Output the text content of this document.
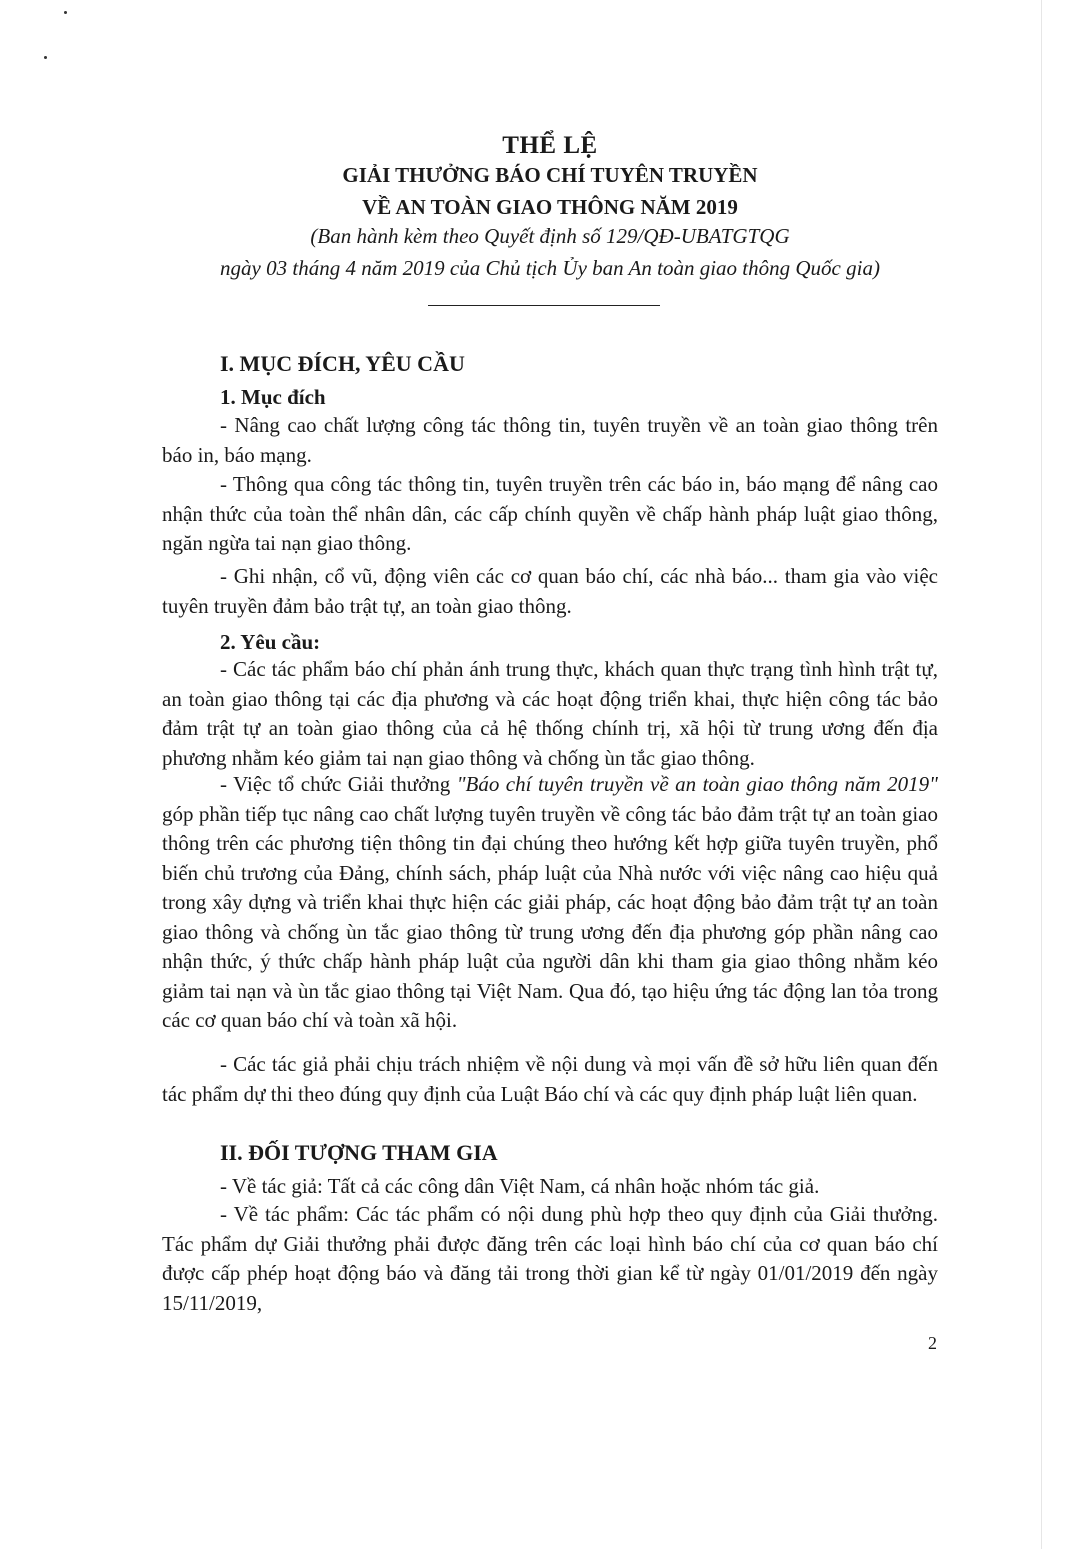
THỂ LỆ
GIẢI THƯỞNG BÁO CHÍ TUYÊN TRUYỀN
VỀ AN TOÀN GIAO THÔNG NĂM 2019
(Ban hành kèm theo Quyết định số 129/QĐ-UBATGTQG
ngày 03 tháng 4 năm 2019 của Chủ tịch Ủy ban An toàn giao thông Quốc gia)
I. MỤC ĐÍCH, YÊU CẦU
1. Mục đích

- Nâng cao chất lượng công tác thông tin, tuyên truyền về an toàn giao thông trên báo in, báo mạng.

- Thông qua công tác thông tin, tuyên truyền trên các báo in, báo mạng để nâng cao nhận thức của toàn thể nhân dân, các cấp chính quyền về chấp hành pháp luật giao thông, ngăn ngừa tai nạn giao thông.

- Ghi nhận, cổ vũ, động viên các cơ quan báo chí, các nhà báo... tham gia vào việc tuyên truyền đảm bảo trật tự, an toàn giao thông.

2. Yêu cầu:

- Các tác phẩm báo chí phản ánh trung thực, khách quan thực trạng tình hình trật tự, an toàn giao thông tại các địa phương và các hoạt động triển khai, thực hiện công tác bảo đảm trật tự an toàn giao thông của cả hệ thống chính trị, xã hội từ trung ương đến địa phương nhằm kéo giảm tai nạn giao thông và chống ùn tắc giao thông.

- Việc tổ chức Giải thưởng "Báo chí tuyên truyền về an toàn giao thông năm 2019" góp phần tiếp tục nâng cao chất lượng tuyên truyền về công tác bảo đảm trật tự an toàn giao thông trên các phương tiện thông tin đại chúng theo hướng kết hợp giữa tuyên truyền, phổ biến chủ trương của Đảng, chính sách, pháp luật của Nhà nước với việc nâng cao hiệu quả trong xây dựng và triển khai thực hiện các giải pháp, các hoạt động bảo đảm trật tự an toàn giao thông và chống ùn tắc giao thông từ trung ương đến địa phương góp phần nâng cao nhận thức, ý thức chấp hành pháp luật của người dân khi tham gia giao thông nhằm kéo giảm tai nạn và ùn tắc giao thông tại Việt Nam. Qua đó, tạo hiệu ứng tác động lan tỏa trong các cơ quan báo chí và toàn xã hội.

- Các tác giả phải chịu trách nhiệm về nội dung và mọi vấn đề sở hữu liên quan đến tác phẩm dự thi theo đúng quy định của Luật Báo chí và các quy định pháp luật liên quan.

II. ĐỐI TƯỢNG THAM GIA

- Về tác giả: Tất cả các công dân Việt Nam, cá nhân hoặc nhóm tác giả.

- Về tác phẩm: Các tác phẩm có nội dung phù hợp theo quy định của Giải thưởng. Tác phẩm dự Giải thưởng phải được đăng trên các loại hình báo chí của cơ quan báo chí được cấp phép hoạt động báo và đăng tải trong thời gian kể từ ngày 01/01/2019 đến ngày 15/11/2019,

2
